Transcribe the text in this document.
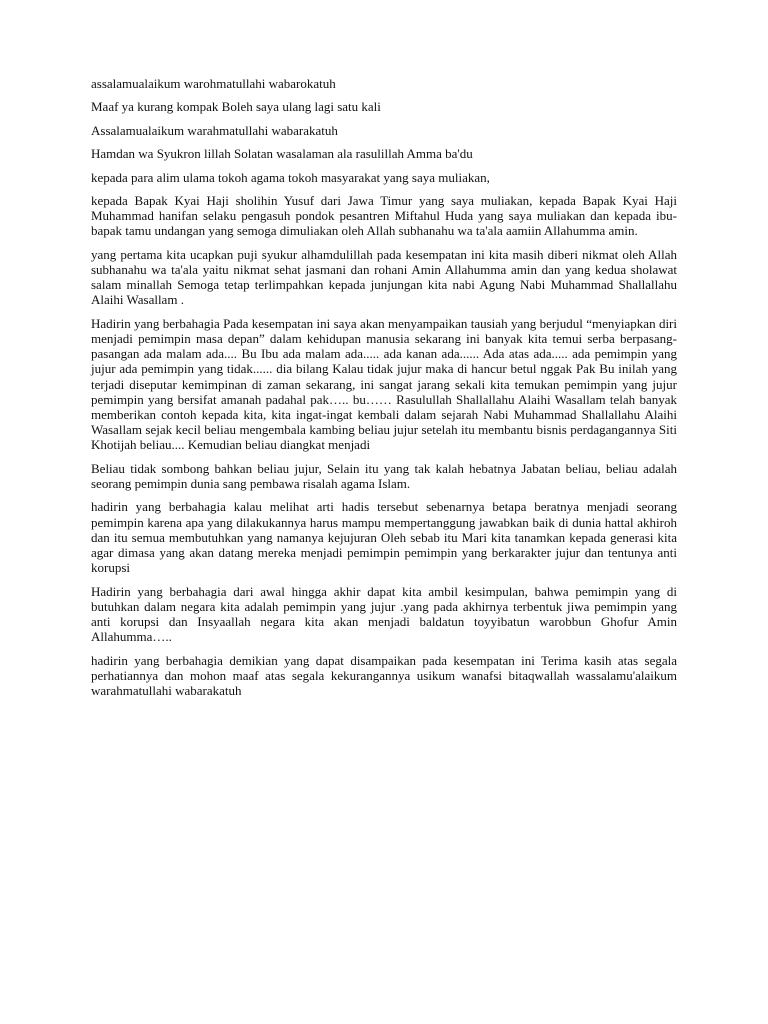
assalamualaikum warohmatullahi wabarokatuh

Maaf ya kurang kompak Boleh saya ulang lagi satu kali

Assalamualaikum warahmatullahi wabarakatuh

Hamdan wa Syukron lillah Solatan wasalaman ala rasulillah Amma ba'du

kepada para alim ulama tokoh agama tokoh masyarakat yang saya muliakan,

kepada Bapak Kyai Haji sholihin Yusuf dari Jawa Timur yang saya muliakan, kepada Bapak Kyai Haji Muhammad hanifan selaku pengasuh pondok pesantren Miftahul Huda yang saya muliakan dan kepada ibu-bapak tamu undangan yang semoga dimuliakan oleh Allah subhanahu wa ta'ala aamiin Allahumma amin.

yang pertama kita ucapkan puji syukur alhamdulillah pada kesempatan ini kita masih diberi nikmat oleh Allah subhanahu wa ta'ala yaitu nikmat sehat jasmani dan rohani Amin Allahumma amin dan yang kedua sholawat salam minallah Semoga tetap terlimpahkan kepada junjungan kita nabi Agung Nabi Muhammad Shallallahu Alaihi Wasallam .

Hadirin yang berbahagia Pada kesempatan ini saya akan menyampaikan tausiah yang berjudul “menyiapkan diri menjadi pemimpin masa depan” dalam kehidupan manusia sekarang ini banyak kita temui serba berpasang-pasangan ada malam ada.... Bu Ibu ada malam ada..... ada kanan ada...... Ada atas ada..... ada pemimpin yang jujur ada pemimpin yang tidak...... dia bilang Kalau tidak jujur maka di hancur betul nggak Pak Bu inilah yang terjadi diseputar kemimpinan di zaman sekarang, ini sangat jarang sekali kita temukan pemimpin yang jujur pemimpin yang bersifat amanah padahal pak….. bu…… Rasulullah Shallallahu Alaihi Wasallam telah banyak memberikan contoh kepada kita, kita ingat-ingat kembali dalam sejarah Nabi Muhammad Shallallahu Alaihi Wasallam sejak kecil beliau mengembala kambing beliau jujur setelah itu membantu bisnis perdagangannya Siti Khotijah beliau.... Kemudian beliau diangkat menjadi

Beliau tidak sombong bahkan beliau jujur, Selain itu yang tak kalah hebatnya Jabatan beliau, beliau adalah seorang pemimpin dunia sang pembawa risalah agama Islam.

hadirin yang berbahagia kalau melihat arti hadis tersebut sebenarnya betapa beratnya menjadi seorang pemimpin karena apa yang dilakukannya harus mampu mempertanggung jawabkan baik di dunia hattal akhiroh dan itu semua membutuhkan yang namanya kejujuran Oleh sebab itu Mari kita tanamkan kepada generasi kita agar dimasa yang akan datang mereka menjadi pemimpin pemimpin yang berkarakter jujur dan tentunya anti korupsi

Hadirin yang berbahagia dari awal hingga akhir dapat kita ambil kesimpulan, bahwa pemimpin yang di butuhkan dalam negara kita adalah pemimpin yang jujur .yang pada akhirnya terbentuk jiwa pemimpin yang anti korupsi dan Insyaallah negara kita akan menjadi baldatun toyyibatun warobbun Ghofur Amin Allahumma…..

hadirin yang berbahagia demikian yang dapat disampaikan pada kesempatan ini Terima kasih atas segala perhatiannya dan mohon maaf atas segala kekurangannya usikum wanafsi bitaqwallah wassalamu'alaikum warahmatullahi wabarakatuh
